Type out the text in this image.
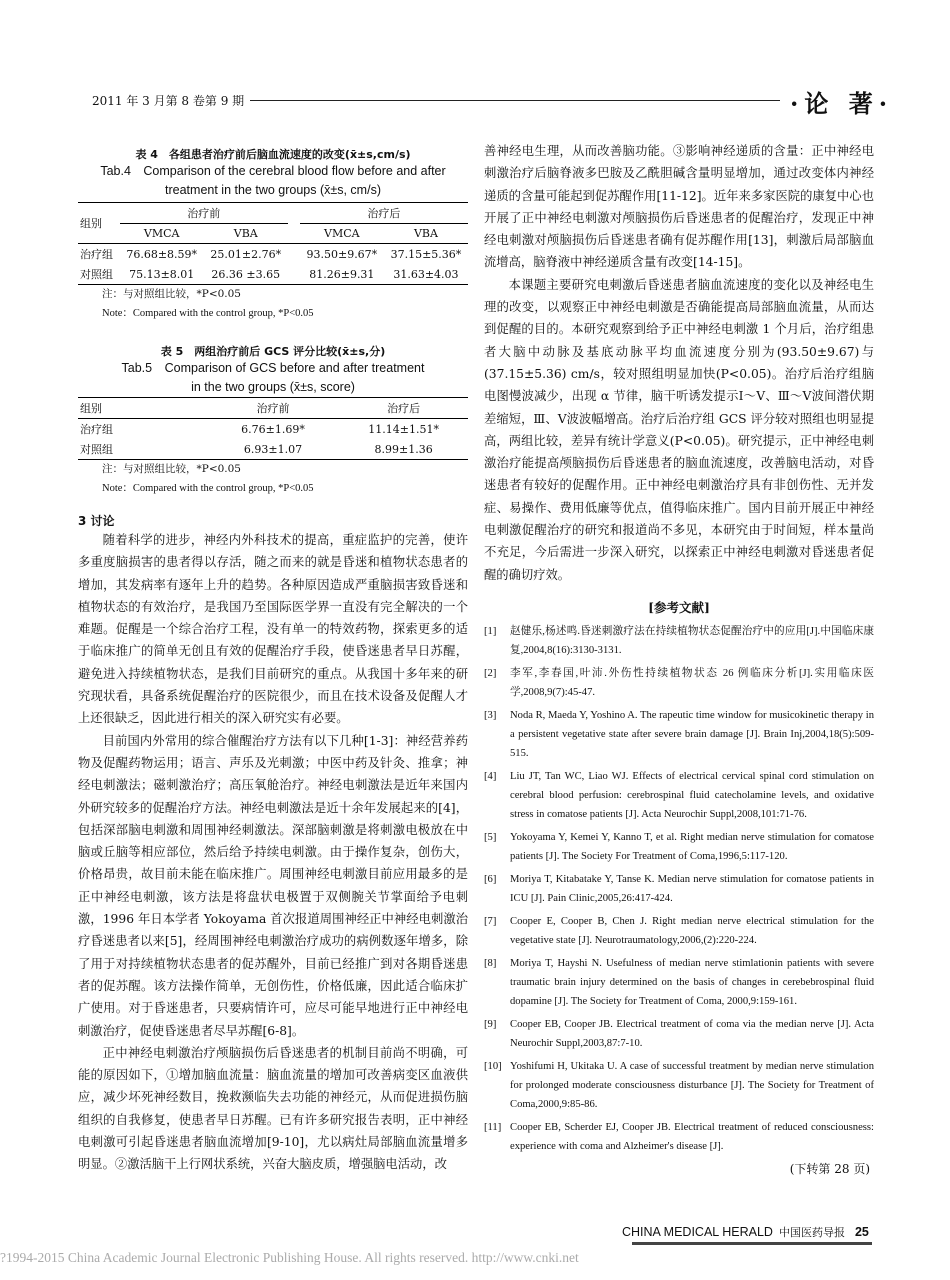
2011 年 3 月第 8 卷第 9 期	·论 著·
表 4　各组患者治疗前后脑血流速度的改变(x̄±s,cm/s)
Tab.4　Comparison of the cerebral blood flow before and after
treatment in the two groups (x̄±s, cm/s)
组别	治疗前			治疗后	
	VMCA	VBA		VMCA	VBA
治疗组	76.68±8.59*	25.01±2.76*		93.50±9.67*	37.15±5.36*
对照组	75.13±8.01	26.36 ±3.65		81.26±9.31	31.63±4.03
注：与对照组比较，*P<0.05
Note：Compared with the control group, *P<0.05
表 5　两组治疗前后 GCS 评分比较(x̄±s,分)
Tab.5　Comparison of GCS before and after treatment
in the two groups (x̄±s, score)
组别	治疗前	治疗后
治疗组	6.76±1.69*	11.14±1.51*
对照组	6.93±1.07	8.99±1.36
注：与对照组比较，*P<0.05
Note：Compared with the control group, *P<0.05
3 讨论

随着科学的进步，神经内外科技术的提高，重症监护的完善，使许多重度脑损害的患者得以存活，随之而来的就是昏迷和植物状态患者的增加，其发病率有逐年上升的趋势。各种原因造成严重脑损害致昏迷和植物状态的有效治疗，是我国乃至国际医学界一直没有完全解决的一个难题。促醒是一个综合治疗工程，没有单一的特效药物，探索更多的适于临床推广的简单无创且有效的促醒治疗手段，使昏迷患者早日苏醒，避免进入持续植物状态，是我们目前研究的重点。从我国十多年来的研究现状看，具备系统促醒治疗的医院很少，而且在技术设备及促醒人才上还很缺乏，因此进行相关的深入研究实有必要。

目前国内外常用的综合催醒治疗方法有以下几种[1-3]：神经营养药物及促醒药物运用；语言、声乐及光刺激；中医中药及针灸、推拿；神经电刺激法；磁刺激治疗；高压氧舱治疗。神经电刺激法是近年来国内外研究较多的促醒治疗方法。神经电刺激法是近十余年发展起来的[4]，包括深部脑电刺激和周围神经刺激法。深部脑刺激是将刺激电极放在中脑或丘脑等相应部位，然后给予持续电刺激。由于操作复杂，创伤大，价格昂贵，故目前未能在临床推广。周围神经电刺激目前应用最多的是正中神经电刺激，该方法是将盘状电极置于双侧腕关节掌面给予电刺激，1996 年日本学者 Yokoyama 首次报道周围神经正中神经电刺激治疗昏迷患者以来[5]，经周围神经电刺激治疗成功的病例数逐年增多，除了用于对持续植物状态患者的促苏醒外，目前已经推广到对各期昏迷患者的促苏醒。该方法操作简单，无创伤性，价格低廉，因此适合临床扩广使用。对于昏迷患者，只要病情许可，应尽可能早地进行正中神经电刺激治疗，促使昏迷患者尽早苏醒[6-8]。

正中神经电刺激治疗颅脑损伤后昏迷患者的机制目前尚不明确，可能的原因如下，①增加脑血流量：脑血流量的增加可改善病变区血液供应，减少坏死神经数目，挽救濒临失去功能的神经元，从而促进损伤脑组织的自我修复，使患者早日苏醒。已有许多研究报告表明，正中神经电刺激可引起昏迷患者脑血流增加[9-10]，尤以病灶局部脑血流量增多明显。②激活脑干上行网状系统，兴奋大脑皮质，增强脑电活动，改

善神经电生理，从而改善脑功能。③影响神经递质的含量：正中神经电刺激治疗后脑脊液多巴胺及乙酰胆碱含量明显增加，通过改变体内神经递质的含量可能起到促苏醒作用[11-12]。近年来多家医院的康复中心也开展了正中神经电刺激对颅脑损伤后昏迷患者的促醒治疗，发现正中神经电刺激对颅脑损伤后昏迷患者确有促苏醒作用[13]，刺激后局部脑血流增高，脑脊液中神经递质含量有改变[14-15]。

本课题主要研究电刺激后昏迷患者脑血流速度的变化以及神经电生理的改变，以观察正中神经电刺激是否确能提高局部脑血流量，从而达到促醒的目的。本研究观察到给予正中神经电刺激 1 个月后，治疗组患者大脑中动脉及基底动脉平均血流速度分别为(93.50±9.67)与(37.15±5.36) cm/s，较对照组明显加快(P<0.05)。治疗后治疗组脑电图慢波减少，出现 α 节律，脑干听诱发提示Ⅰ～Ⅴ、Ⅲ～Ⅴ波间潜伏期差缩短，Ⅲ、Ⅴ波波幅增高。治疗后治疗组 GCS 评分较对照组也明显提高，两组比较，差异有统计学意义(P<0.05)。研究提示，正中神经电刺激治疗能提高颅脑损伤后昏迷患者的脑血流速度，改善脑电活动，对昏迷患者有较好的促醒作用。正中神经电刺激治疗具有非创伤性、无并发症、易操作、费用低廉等优点，值得临床推广。国内目前开展正中神经电刺激促醒治疗的研究和报道尚不多见，本研究由于时间短，样本量尚不充足，今后需进一步深入研究，以探索正中神经电刺激对昏迷患者促醒的确切疗效。

[参考文献]
[1]	赵健乐,杨述鸣.昏迷刺激疗法在持续植物状态促醒治疗中的应用[J].中国临床康复,2004,8(16):3130-3131.
[2]	李军,李春国,叶沛.外伤性持续植物状态 26 例临床分析[J].实用临床医学,2008,9(7):45-47.
[3]	Noda R, Maeda Y, Yoshino A. The rapeutic time window for musicokinetic therapy in a persistent vegetative state after severe brain damage [J]. Brain Inj,2004,18(5):509-515.
[4]	Liu JT, Tan WC, Liao WJ. Effects of electrical cervical spinal cord stimulation on cerebral blood perfusion: cerebrospinal fluid catecholamine levels, and oxidative stress in comatose patients [J]. Acta Neurochir Suppl,2008,101:71-76.
[5]	Yokoyama Y, Kemei Y, Kanno T, et al. Right median nerve stimulation for comatose patients [J]. The Society For Treatment of Coma,1996,5:117-120.
[6]	Moriya T, Kitabatake Y, Tanse K. Median nerve stimulation for comatose patients in ICU [J]. Pain Clinic,2005,26:417-424.
[7]	Cooper E, Cooper B, Chen J. Right median nerve electrical stimulation for the vegetative state [J]. Neurotraumatology,2006,(2):220-224.
[8]	Moriya T, Hayshi N. Usefulness of median nerve stimlationin patients with severe traumatic brain injury determined on the basis of changes in cerebebrospinal fluid dopamine [J]. The Society for Treatment of Coma, 2000,9:159-161.
[9]	Cooper EB, Cooper JB. Electrical treatment of coma via the median nerve [J]. Acta Neurochir Suppl,2003,87:7-10.
[10] Yoshifumi H, Ukitaka U. A case of successful treatment by median nerve stimulation for prolonged moderate consciousness disturbance [J]. The Society for Treatment of Coma,2000,9:85-86.
[11] Cooper EB, Scherder EJ, Cooper JB. Electrical treatment of reduced consciousness: experience with coma and Alzheimer's disease [J].
(下转第 28 页)
CHINA MEDICAL HERALD 中国医药导报 25
?1994-2015 China Academic Journal Electronic Publishing House. All rights reserved. http://www.cnki.net
